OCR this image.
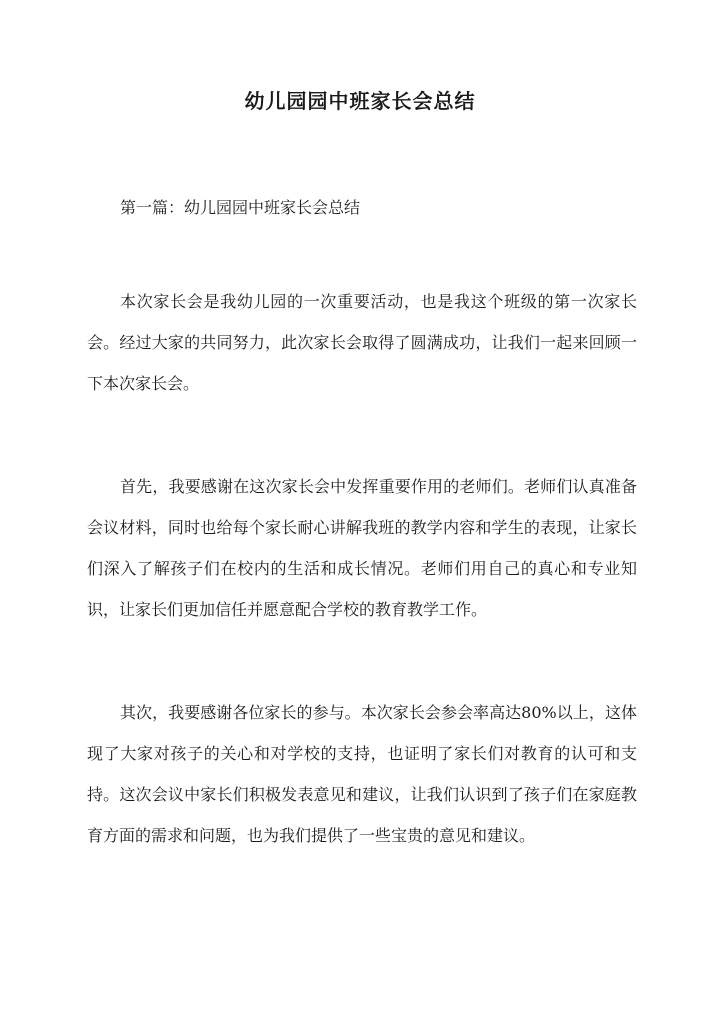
幼儿园园中班家长会总结
第一篇：幼儿园园中班家长会总结
本次家长会是我幼儿园的一次重要活动，也是我这个班级的第一次家长会。经过大家的共同努力，此次家长会取得了圆满成功，让我们一起来回顾一下本次家长会。
首先，我要感谢在这次家长会中发挥重要作用的老师们。老师们认真准备会议材料，同时也给每个家长耐心讲解我班的教学内容和学生的表现，让家长们深入了解孩子们在校内的生活和成长情况。老师们用自己的真心和专业知识，让家长们更加信任并愿意配合学校的教育教学工作。
其次，我要感谢各位家长的参与。本次家长会参会率高达80%以上，这体现了大家对孩子的关心和对学校的支持，也证明了家长们对教育的认可和支持。这次会议中家长们积极发表意见和建议，让我们认识到了孩子们在家庭教育方面的需求和问题，也为我们提供了一些宝贵的意见和建议。
